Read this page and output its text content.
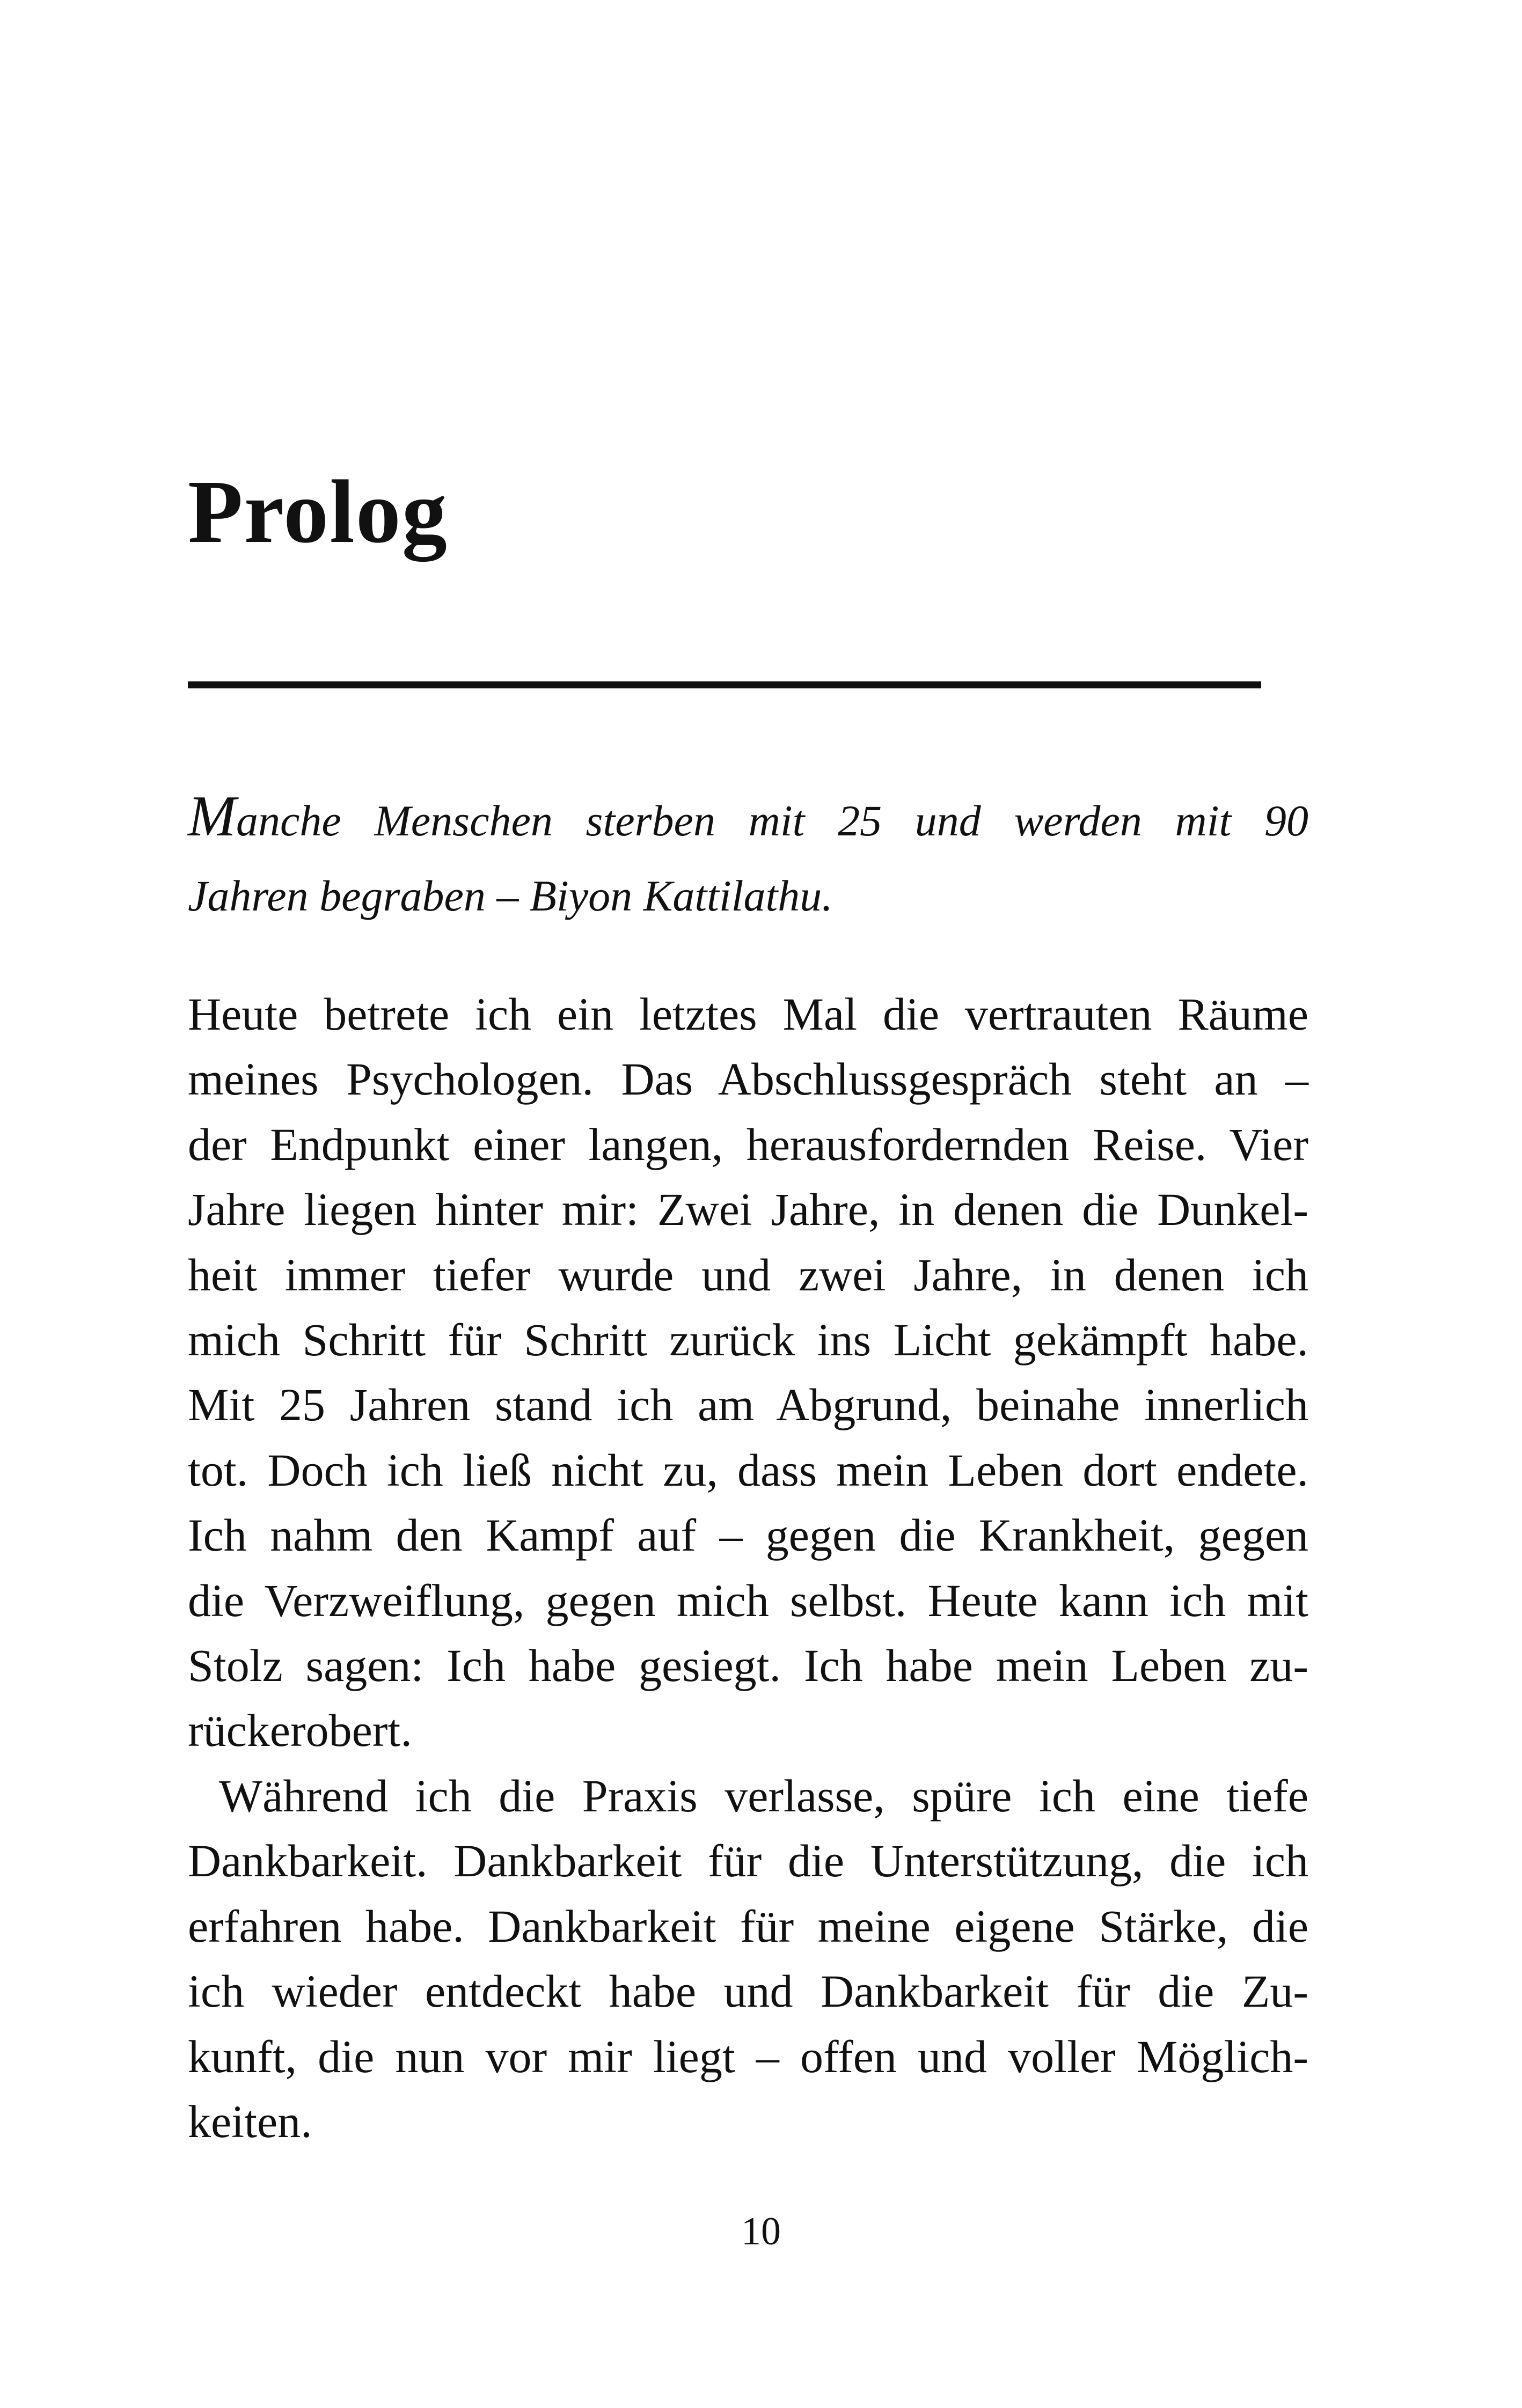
Prolog

Manche Menschen sterben mit 25 und werden mit 90
Jahren begraben – Biyon Kattilathu.

Heute betrete ich ein letztes Mal die vertrauten Räume
meines Psychologen. Das Abschlussgespräch steht an –
der Endpunkt einer langen, herausfordernden Reise. Vier
Jahre liegen hinter mir: Zwei Jahre, in denen die Dunkel-
heit immer tiefer wurde und zwei Jahre, in denen ich
mich Schritt für Schritt zurück ins Licht gekämpft habe.
Mit 25 Jahren stand ich am Abgrund, beinahe innerlich
tot. Doch ich ließ nicht zu, dass mein Leben dort endete.
Ich nahm den Kampf auf – gegen die Krankheit, gegen
die Verzweiflung, gegen mich selbst. Heute kann ich mit
Stolz sagen: Ich habe gesiegt. Ich habe mein Leben zu-
rückerobert.
Während ich die Praxis verlasse, spüre ich eine tiefe
Dankbarkeit. Dankbarkeit für die Unterstützung, die ich
erfahren habe. Dankbarkeit für meine eigene Stärke, die
ich wieder entdeckt habe und Dankbarkeit für die Zu-
kunft, die nun vor mir liegt – offen und voller Möglich-
keiten.
10
